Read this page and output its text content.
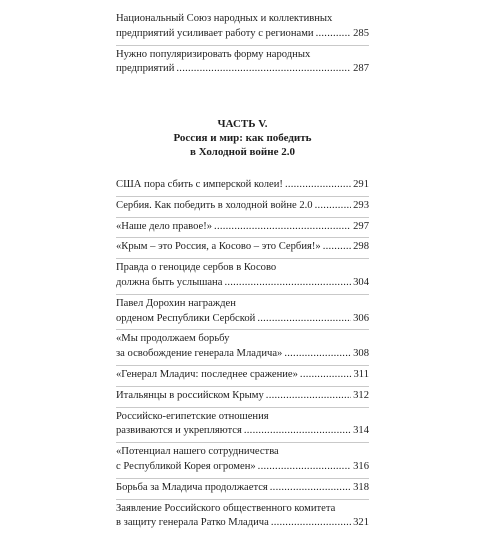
Национальный Союз народных и коллективных
предприятий усиливает работу с регионами . . .	285
Нужно популяризировать форму народных
предприятий . . .	287
ЧАСТЬ V.
Россия и мир: как победить
в Холодной войне 2.0
США пора сбить с имперской колеи! . . .	291
Сербия. Как победить в холодной войне 2.0 . . .	293
«Наше дело правое!» . . .	297
«Крым – это Россия, а Косово – это Сербия!» . . .	298
Правда о геноциде сербов в Косово
должна быть услышана . . .	304
Павел Дорохин награжден
орденом Республики Сербской . . .	306
«Мы продолжаем борьбу
за освобождение генерала Младича» . . .	308
«Генерал Младич: последнее сражение» . . .	311
Итальянцы в российском Крыму . . .	312
Российско-египетские отношения
развиваются и укрепляются . . .	314
«Потенциал нашего сотрудничества
с Республикой Корея огромен» . . .	316
Борьба за Младича продолжается . . .	318
Заявление Российского общественного комитета
в защиту генерала Ратко Младича . . .	321
